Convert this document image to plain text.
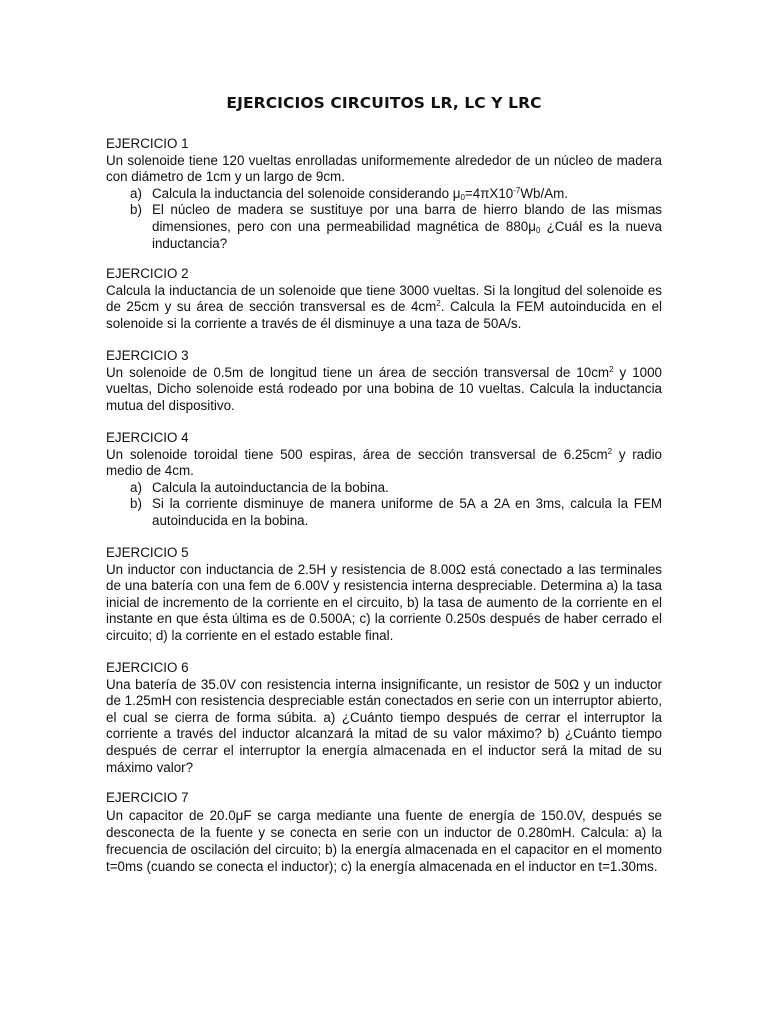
EJERCICIOS CIRCUITOS LR, LC Y LRC
EJERCICIO 1
Un solenoide tiene 120 vueltas enrolladas uniformemente alrededor de un núcleo de madera con diámetro de 1cm y un largo de 9cm.
a) Calcula la inductancia del solenoide considerando $\mu_0=4\pi X10^{-7}Wb/Am$.
b) El núcleo de madera se sustituye por una barra de hierro blando de las mismas dimensiones, pero con una permeabilidad magnética de $880\mu_0$ ¿Cuál es la nueva inductancia?
EJERCICIO 2
Calcula la inductancia de un solenoide que tiene 3000 vueltas. Si la longitud del solenoide es de 25cm y su área de sección transversal es de $4cm^2$. Calcula la FEM autoinducida en el solenoide si la corriente a través de él disminuye a una taza de 50A/s.
EJERCICIO 3
Un solenoide de 0.5m de longitud tiene un área de sección transversal de $10cm^2$ y 1000 vueltas, Dicho solenoide está rodeado por una bobina de 10 vueltas. Calcula la inductancia mutua del dispositivo.
EJERCICIO 4
Un solenoide toroidal tiene 500 espiras, área de sección transversal de $6.25cm^2$ y radio medio de 4cm.
a) Calcula la autoinductancia de la bobina.
b) Si la corriente disminuye de manera uniforme de 5A a 2A en 3ms, calcula la FEM autoinducida en la bobina.
EJERCICIO 5
Un inductor con inductancia de 2.5H y resistencia de 8.00Ω está conectado a las terminales de una batería con una fem de 6.00V y resistencia interna despreciable. Determina a) la tasa inicial de incremento de la corriente en el circuito, b) la tasa de aumento de la corriente en el instante en que ésta última es de 0.500A; c) la corriente 0.250s después de haber cerrado el circuito; d) la corriente en el estado estable final.
EJERCICIO 6
Una batería de 35.0V con resistencia interna insignificante, un resistor de 50Ω y un inductor de 1.25mH con resistencia despreciable están conectados en serie con un interruptor abierto, el cual se cierra de forma súbita. a) ¿Cuánto tiempo después de cerrar el interruptor la corriente a través del inductor alcanzará la mitad de su valor máximo? b) ¿Cuánto tiempo después de cerrar el interruptor la energía almacenada en el inductor será la mitad de su máximo valor?
EJERCICIO 7
Un capacitor de 20.0μF se carga mediante una fuente de energía de 150.0V, después se desconecta de la fuente y se conecta en serie con un inductor de 0.280mH. Calcula: a) la frecuencia de oscilación del circuito; b) la energía almacenada en el capacitor en el momento t=0ms (cuando se conecta el inductor); c) la energía almacenada en el inductor en t=1.30ms.
